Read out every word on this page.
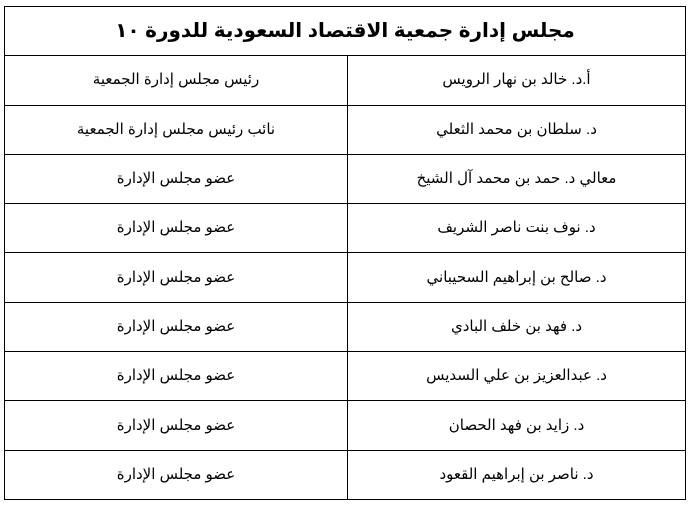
مجلس إدارة جمعية الاقتصاد السعودية للدورة ١٠	
أ.د. خالد بن نهار الرويس	رئيس مجلس إدارة الجمعية
د. سلطان بن محمد الثعلي	نائب رئيس مجلس إدارة الجمعية
معالي د. حمد بن محمد آل الشيخ	عضو مجلس الإدارة
د. نوف بنت ناصر الشريف	عضو مجلس الإدارة
د. صالح بن إبراهيم السحيباني	عضو مجلس الإدارة
د. فهد بن خلف البادي	عضو مجلس الإدارة
د. عبدالعزيز بن علي السديس	عضو مجلس الإدارة
د. زايد بن فهد الحصان	عضو مجلس الإدارة
د. ناصر بن إبراهيم القعود	عضو مجلس الإدارة
